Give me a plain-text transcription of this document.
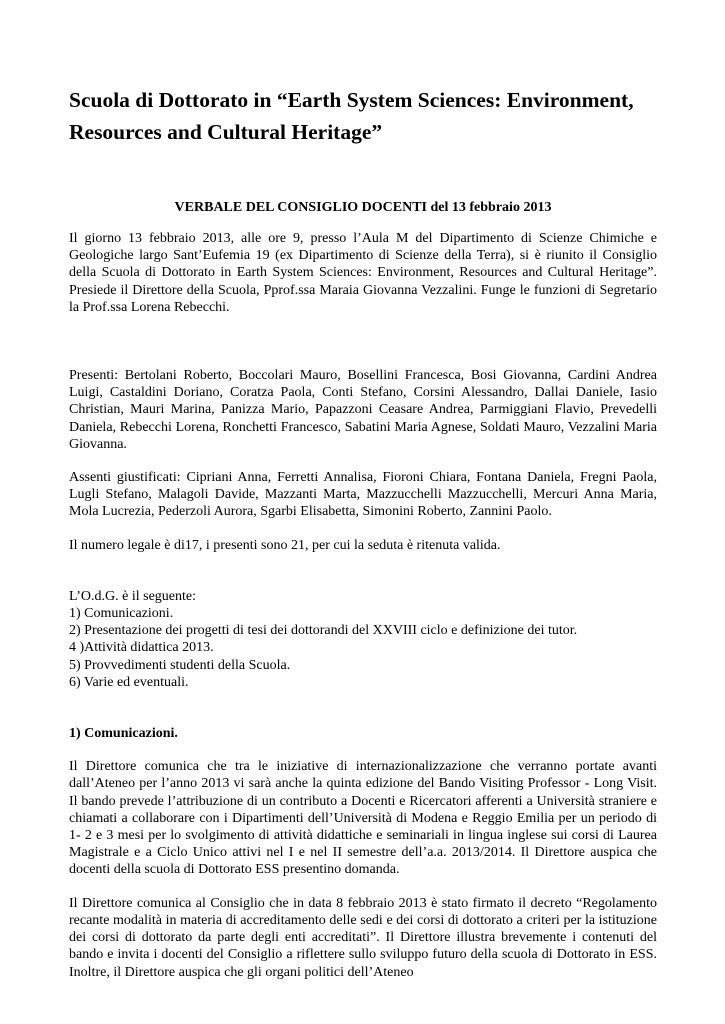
Scuola di Dottorato in “Earth System Sciences: Environment, Resources and Cultural Heritage”
VERBALE DEL CONSIGLIO DOCENTI del 13 febbraio 2013

Il giorno 13 febbraio 2013, alle ore 9, presso l’Aula M del Dipartimento di Scienze Chimiche e Geologiche largo Sant’Eufemia 19 (ex Dipartimento di Scienze della Terra), si è riunito il Consiglio della Scuola di Dottorato in Earth System Sciences: Environment, Resources and Cultural Heritage”. Presiede il Direttore della Scuola, Pprof.ssa Maraia Giovanna Vezzalini. Funge le funzioni di Segretario la Prof.ssa Lorena Rebecchi.

Presenti: Bertolani Roberto, Boccolari Mauro, Bosellini Francesca, Bosi Giovanna, Cardini Andrea Luigi, Castaldini Doriano, Coratza Paola, Conti Stefano, Corsini Alessandro, Dallai Daniele, Iasio Christian, Mauri Marina, Panizza Mario, Papazzoni Ceasare Andrea, Parmiggiani Flavio, Prevedelli Daniela, Rebecchi Lorena, Ronchetti Francesco, Sabatini Maria Agnese, Soldati Mauro, Vezzalini Maria Giovanna.

Assenti giustificati: Cipriani Anna, Ferretti Annalisa, Fioroni Chiara, Fontana Daniela, Fregni Paola, Lugli Stefano, Malagoli Davide, Mazzanti Marta, Mazzucchelli Mazzucchelli, Mercuri Anna Maria, Mola Lucrezia, Pederzoli Aurora, Sgarbi Elisabetta, Simonini Roberto, Zannini Paolo.

Il numero legale è di17, i presenti sono 21, per cui la seduta è ritenuta valida.

L’O.d.G. è il seguente:

1) Comunicazioni.

2) Presentazione dei progetti di tesi dei dottorandi del XXVIII ciclo e definizione dei tutor.

4 )Attività didattica 2013.

5) Provvedimenti studenti della Scuola.

6) Varie ed eventuali.

1) Comunicazioni.

Il Direttore comunica che tra le iniziative di internazionalizzazione che verranno portate avanti dall’Ateneo per l’anno 2013 vi sarà anche la quinta edizione del Bando Visiting Professor - Long Visit. Il bando prevede l’attribuzione di un contributo a Docenti e Ricercatori afferenti a Università straniere e chiamati a collaborare con i Dipartimenti dell’Università di Modena e Reggio Emilia per un periodo di 1- 2 e 3 mesi per lo svolgimento di attività didattiche e seminariali in lingua inglese sui corsi di Laurea Magistrale e a Ciclo Unico attivi nel I e nel II semestre dell’a.a. 2013/2014. Il Direttore auspica che docenti della scuola di Dottorato ESS presentino domanda.

Il Direttore comunica al Consiglio che in data 8 febbraio 2013 è stato firmato il decreto “Regolamento recante modalità in materia di accreditamento delle sedi e dei corsi di dottorato a criteri per la istituzione dei corsi di dottorato da parte degli enti accreditati”. Il Direttore illustra brevemente i contenuti del bando e invita i docenti del Consiglio a riflettere sullo sviluppo futuro della scuola di Dottorato in ESS. Inoltre, il Direttore auspica che gli organi politici dell’Ateneo
